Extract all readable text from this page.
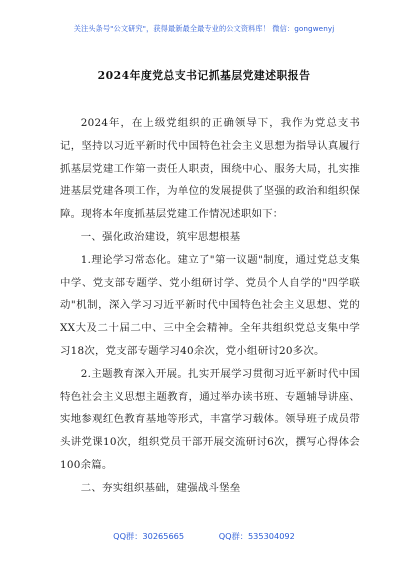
关注头条号"公文研究"，获得最新最全最专业的公文资料库！ 微信：gongwenyj
2024年度党总支书记抓基层党建述职报告

2024年，在上级党组织的正确领导下，我作为党总支书记，坚持以习近平新时代中国特色社会主义思想为指导认真履行抓基层党建工作第一责任人职责，围绕中心、服务大局，扎实推进基层党建各项工作，为单位的发展提供了坚强的政治和组织保障。现将本年度抓基层党建工作情况述职如下：

一、强化政治建设，筑牢思想根基

1.理论学习常态化。建立了"第一议题"制度，通过党总支集中学、党支部专题学、党小组研讨学、党员个人自学的"四学联动"机制，深入学习习近平新时代中国特色社会主义思想、党的XX大及二十届二中、三中全会精神。全年共组织党总支集中学习18次，党支部专题学习40余次，党小组研讨20多次。

2.主题教育深入开展。扎实开展学习贯彻习近平新时代中国特色社会主义思想主题教育，通过举办读书班、专题辅导讲座、实地参观红色教育基地等形式，丰富学习载体。领导班子成员带头讲党课10次，组织党员干部开展交流研讨6次，撰写心得体会100余篇。

二、夯实组织基础，建强战斗堡垒

QQ群：30265665	QQ群：535304092
